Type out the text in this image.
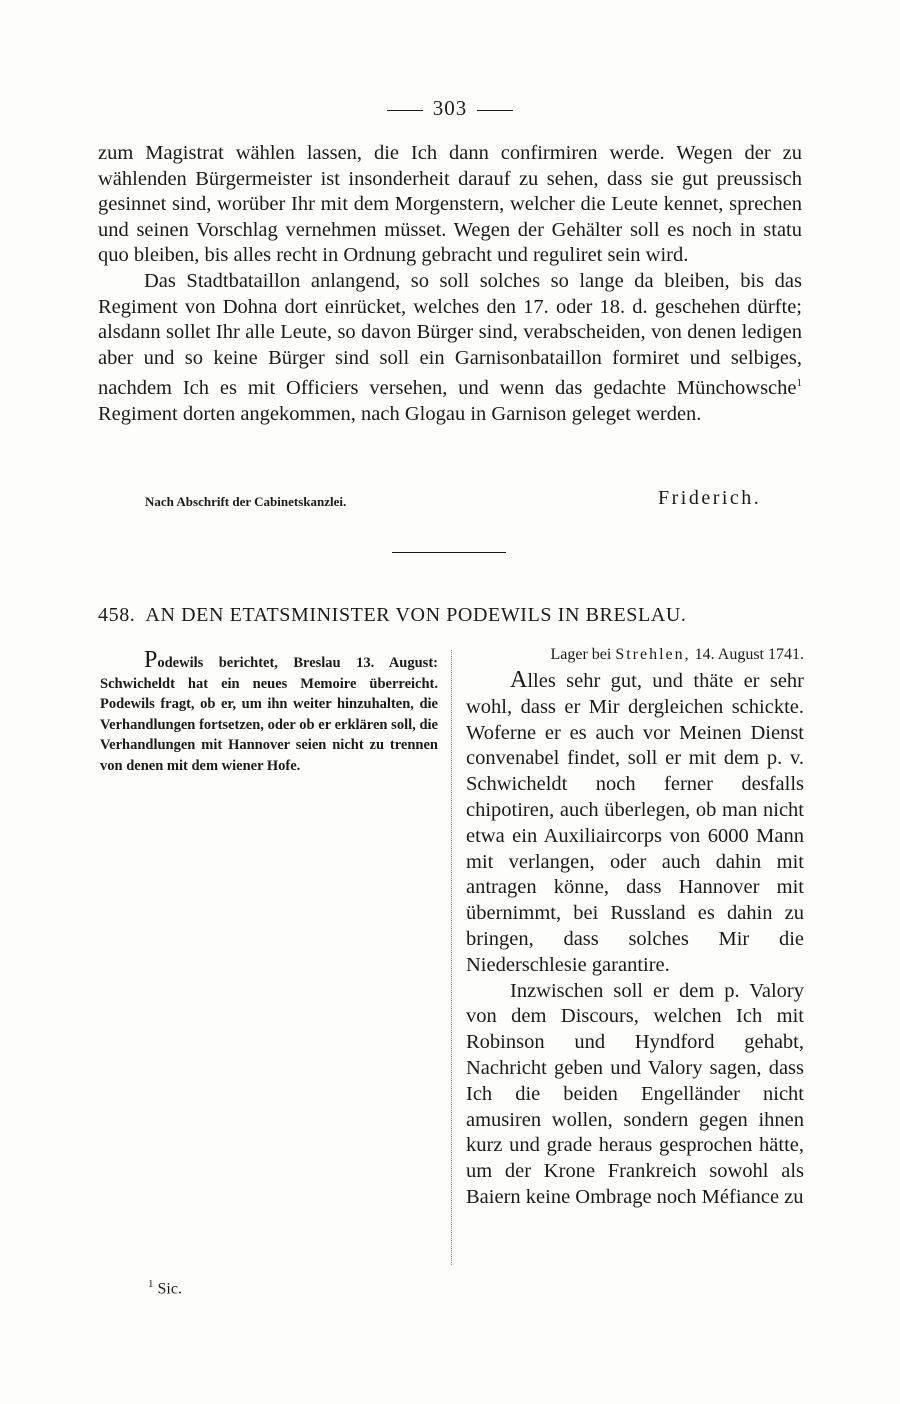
303

zum Magistrat wählen lassen, die Ich dann confirmiren werde. Wegen der zu wählenden Bürgermeister ist insonderheit darauf zu sehen, dass sie gut preussisch gesinnet sind, worüber Ihr mit dem Morgenstern, welcher die Leute kennet, sprechen und seinen Vorschlag vernehmen müsset. Wegen der Gehälter soll es noch in statu quo bleiben, bis alles recht in Ordnung gebracht und reguliret sein wird.

Das Stadtbataillon anlangend, so soll solches so lange da bleiben, bis das Regiment von Dohna dort einrücket, welches den 17. oder 18. d. geschehen dürfte; alsdann sollet Ihr alle Leute, so davon Bürger sind, verabscheiden, von denen ledigen aber und so keine Bürger sind soll ein Garnisonbataillon formiret und selbiges, nachdem Ich es mit Officiers versehen, und wenn das gedachte Münchowsche$^1$ Regiment dorten angekommen, nach Glogau in Garnison geleget werden.

Nach Abschrift der Cabinetskanzlei.	Friderich.
458. AN DEN ETATSMINISTER VON PODEWILS IN BRESLAU.

Podewils berichtet, Breslau 13. August: Schwicheldt hat ein neues Memoire überreicht. Podewils fragt, ob er, um ihn weiter hinzuhalten, die Verhandlungen fortsetzen, oder ob er erklären soll, die Verhandlungen mit Hannover seien nicht zu trennen von denen mit dem wiener Hofe.

Lager bei Strehlen, 14. August 1741.

Alles sehr gut, und thäte er sehr wohl, dass er Mir dergleichen schickte. Woferne er es auch vor Meinen Dienst convenabel findet, soll er mit dem p. v. Schwicheldt noch ferner desfalls chipotiren, auch überlegen, ob man nicht etwa ein Auxiliaircorps von 6000 Mann mit verlangen, oder auch dahin mit antragen könne, dass Hannover mit übernimmt, bei Russland es dahin zu bringen, dass solches Mir die Niederschlesie garantire.

Inzwischen soll er dem p. Valory von dem Discours, welchen Ich mit Robinson und Hyndford gehabt, Nachricht geben und Valory sagen, dass Ich die beiden Engelländer nicht amusiren wollen, sondern gegen ihnen kurz und grade heraus gesprochen hätte, um der Krone Frankreich sowohl als Baiern keine Ombrage noch Méfiance zu

$^1$ Sic.
